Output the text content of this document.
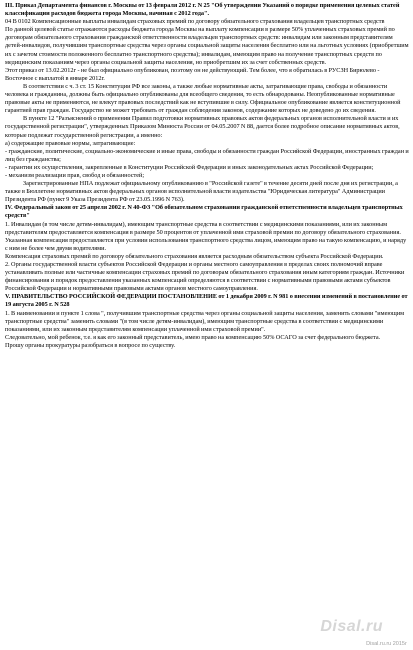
III. Приказ Департамента финансов г. Москвы от 13 февраля 2012 г. N 25 "Об утверждении Указаний о порядке применения целевых статей классификации расходов бюджета города Москвы, начиная с 2012 года".

04 В 0102 Компенсационные выплаты инвалидам страховых премий по договору обязательного страхования владельцев транспортных средств

По данной целевой статье отражаются расходы бюджета города Москвы на выплату компенсации в размере 50% уплаченных страховых премий по договорам обязательного страхования гражданской ответственности владельцев транспортных средств: инвалидам или законным представителям детей-инвалидов, получившим транспортные средства через органы социальной защиты населения бесплатно или на льготных условиях (приобретшим их с зачетом стоимости положенного бесплатно транспортного средства); инвалидам, имеющим право на получение транспортных средств по медицинским показаниям через органы социальной защиты населения, но приобретшим их за счет собственных средств.

Этот приказ от 13.02.2012г - не был официально опубликован, поэтому он не действующий. Тем более, что я обратилась в РУСЗН Бирюлево - Восточное с выплатой в январе 2012г.

В соответствии с ч. 3 ст. 15 Конституции РФ все законы, а также любые нормативные акты, затрагивающие права, свободы и обязанности человека и гражданина, должны быть официально опубликованы для всеобщего сведения, то есть обнародованы. Неопубликованные нормативные правовые акты не применяются, не влекут правовых последствий как не вступившие в силу. Официальное опубликование является конституционной гарантией прав граждан. Государство не может требовать от граждан соблюдения законов, содержание которых не доведено до их сведения.

В пункте 12 "Разъяснений о применении Правил подготовки нормативных правовых актов федеральных органов исполнительной власти и их государственной регистрации", утвержденных Приказом Минюста России от 04.05.2007 N 88, дается более подробное описание нормативных актов, которые подлежат государственной регистрации, а именно:

а) содержащие правовые нормы, затрагивающие:

- гражданские, политические, социально-экономические и иные права, свободы и обязанности граждан Российской Федерации, иностранных граждан и лиц без гражданства;

- гарантии их осуществления, закрепленные в Конституции Российской Федерации и иных законодательных актах Российской Федерации;

- механизм реализации прав, свобод и обязанностей;

Зарегистрированные НПА подлежат официальному опубликованию в "Российской газете" в течение десяти дней после дня их регистрации, а также в Бюллетене нормативных актов федеральных органов исполнительной власти издательства "Юридическая литература" Администрации Президента РФ (пункт 9 Указа Президента РФ от 23.05.1996 N 763).

IV. Федеральный закон от 25 апреля 2002 г. N 40-ФЗ "Об обязательном страховании гражданской ответственности владельцев транспортных средств"

1. Инвалидам (в том числе детям-инвалидам), имеющим транспортные средства в соответствии с медицинскими показаниями, или их законным представителям предоставляется компенсация в размере 50 процентов от уплаченной ими страховой премии по договору обязательного страхования.

Указанная компенсация предоставляется при условии использования транспортного средства лицом, имеющим право на такую компенсацию, и наряду с ним не более чем двумя водителями.

Компенсация страховых премий по договору обязательного страхования является расходным обязательством субъекта Российской Федерации.

2. Органы государственной власти субъектов Российской Федерации и органы местного самоуправления в пределах своих полномочий вправе устанавливать полные или частичные компенсации страховых премий по договорам обязательного страхования иным категориям граждан. Источники финансирования и порядок предоставления указанных компенсаций определяются в соответствии с нормативными правовыми актами субъектов Российской Федерации и нормативными правовыми актами органов местного самоуправления.

V. ПРАВИТЕЛЬСТВО РОССИЙСКОЙ ФЕДЕРАЦИИ ПОСТАНОВЛЕНИЕ от 1 декабря 2009 г. N 981 о внесении изменений в постановление от 19 августа 2005 г. N 528

1. В наименовании и пункте 1 слова ", получившим транспортные средства через органы социальной защиты населения, заменить словами "имеющим транспортные средства" заменить словами "(в том числе детям-инвалидам), имеющим транспортные средства в соответствии с медицинскими показаниями, или их законным представителям компенсации уплаченной ими страховой премии".

Следовательно, мой ребенок, т.е. я как его законный представитель, имею право на компенсацию 50% ОСАГО за счет федерального бюджета.

Прошу органы прокуратуры разобраться в вопросе по существу.

Disal.ru
Disal.ru.ru 2015г
